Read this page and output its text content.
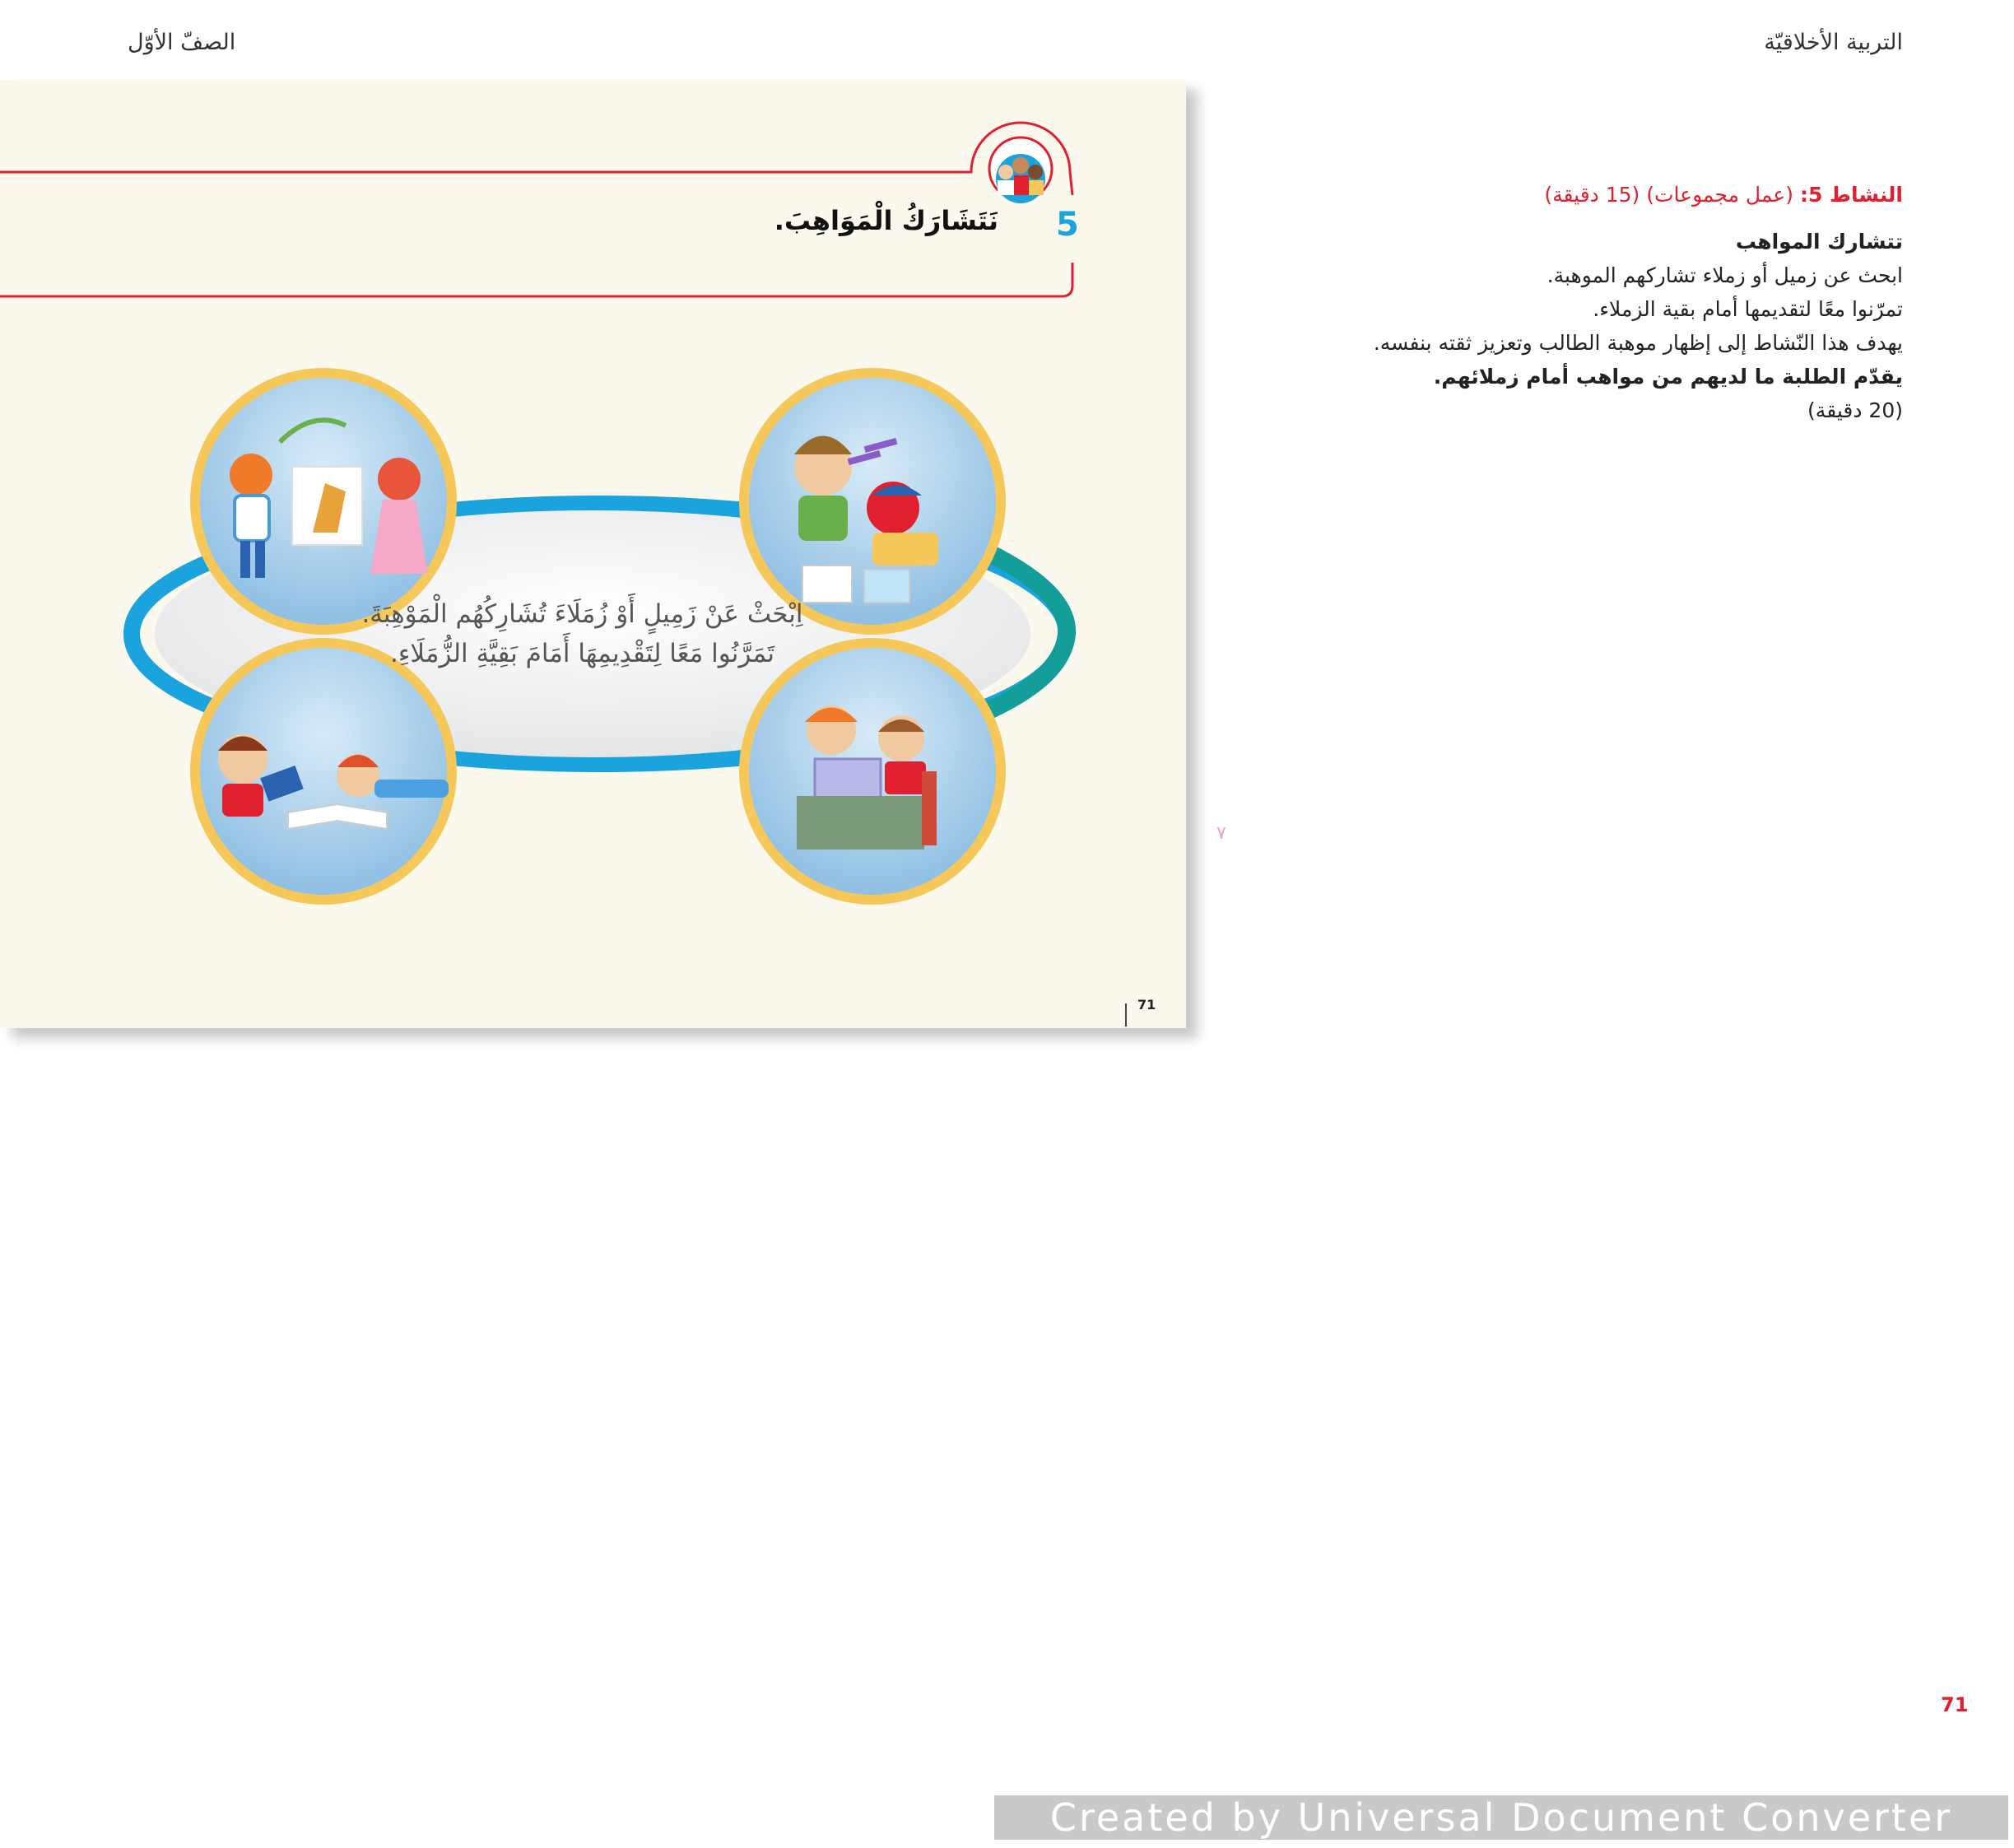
الصفّ الأوّل	التربية الأخلاقيّة
5
نَتَشَارَكُ الْمَوَاهِبَ.
اِبْحَثْ عَنْ زَمِيلٍ أَوْ زُمَلَاءَ تُشَارِكُهُم الْمَوْهِبَةَ.
تَمَرَّنُوا مَعًا لِتَقْدِيمِهَا أَمَامَ بَقِيَّةِ الزُّمَلَاءِ.
71

النشاط 5: (عمل مجموعات) (15 دقيقة)

تتشارك المواهب

ابحث عن زميل أو زملاء تشاركهم الموهبة.

تمرّنوا معًا لتقديمها أمام بقية الزملاء.

يهدف هذا النّشاط إلى إظهار موهبة الطالب وتعزيز ثقته بنفسه.

يقدّم الطلبة ما لديهم من مواهب أمام زملائهم.

(20 دقيقة)

٧
71
Created by Universal Document Converter
